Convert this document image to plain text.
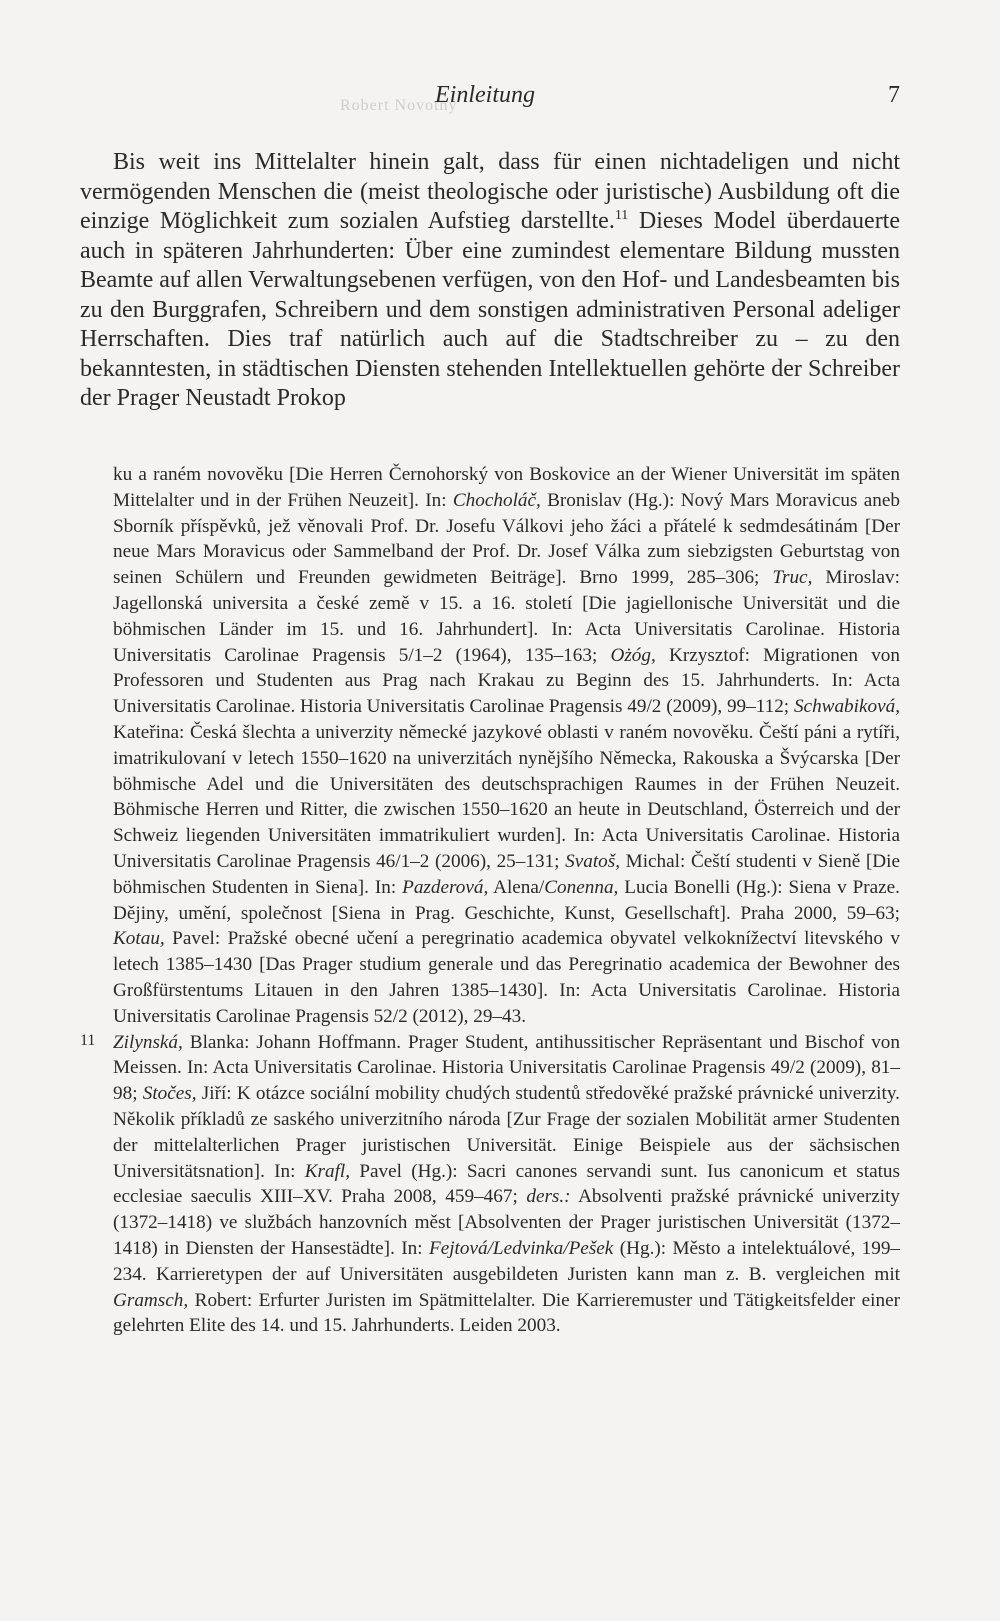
Robert Novotný
Einleitung	7

Bis weit ins Mittelalter hinein galt, dass für einen nichtadeligen und nicht vermögenden Menschen die (meist theologische oder juristische) Ausbildung oft die einzige Möglichkeit zum sozialen Aufstieg darstellte.$^{11}$ Dieses Model überdauerte auch in späteren Jahrhunderten: Über eine zumindest elementare Bildung mussten Beamte auf allen Verwaltungsebenen verfügen, von den Hof- und Landesbeamten bis zu den Burggrafen, Schreibern und dem sonstigen administrativen Personal adeliger Herrschaften. Dies traf natürlich auch auf die Stadtschreiber zu – zu den bekanntesten, in städtischen Diensten stehenden Intellektuellen gehörte der Schreiber der Prager Neustadt Prokop

ku a raném novověku [Die Herren Černohorský von Boskovice an der Wiener Universität im späten Mittelalter und in der Frühen Neuzeit]. In: Chocholáč, Bronislav (Hg.): Nový Mars Moravicus aneb Sborník příspěvků, jež věnovali Prof. Dr. Josefu Válkovi jeho žáci a přátelé k sedmdesátinám [Der neue Mars Moravicus oder Sammelband der Prof. Dr. Josef Válka zum siebzigsten Geburtstag von seinen Schülern und Freunden gewidmeten Beiträge]. Brno 1999, 285–306; Truc, Miroslav: Jagellonská universita a české země v 15. a 16. století [Die jagiellonische Universität und die böhmischen Länder im 15. und 16. Jahrhundert]. In: Acta Universitatis Carolinae. Historia Universitatis Carolinae Pragensis 5/1–2 (1964), 135–163; Ożóg, Krzysztof: Migrationen von Professoren und Studenten aus Prag nach Krakau zu Beginn des 15. Jahrhunderts. In: Acta Universitatis Carolinae. Historia Universitatis Carolinae Pragensis 49/2 (2009), 99–112; Schwabiková, Kateřina: Česká šlechta a univerzity německé jazykové oblasti v raném novověku. Čeští páni a rytíři, imatrikulovaní v letech 1550–1620 na univerzitách nynějšího Německa, Rakouska a Švýcarska [Der böhmische Adel und die Universitäten des deutschsprachigen Raumes in der Frühen Neuzeit. Böhmische Herren und Ritter, die zwischen 1550–1620 an heute in Deutschland, Österreich und der Schweiz liegenden Universitäten immatrikuliert wurden]. In: Acta Universitatis Carolinae. Historia Universitatis Carolinae Pragensis 46/1–2 (2006), 25–131; Svatoš, Michal: Čeští studenti v Sieně [Die böhmischen Studenten in Siena]. In: Pazderová, Alena/Conenna, Lucia Bonelli (Hg.): Siena v Praze. Dějiny, umění, společnost [Siena in Prag. Geschichte, Kunst, Gesellschaft]. Praha 2000, 59–63; Kotau, Pavel: Pražské obecné učení a peregrinatio academica obyvatel velkoknížectví litevského v letech 1385–1430 [Das Prager studium generale und das Peregrinatio academica der Bewohner des Großfürstentums Litauen in den Jahren 1385–1430]. In: Acta Universitatis Carolinae. Historia Universitatis Carolinae Pragensis 52/2 (2012), 29–43.

11 Zilynská, Blanka: Johann Hoffmann. Prager Student, antihussitischer Repräsentant und Bischof von Meissen. In: Acta Universitatis Carolinae. Historia Universitatis Carolinae Pragensis 49/2 (2009), 81–98; Stočes, Jiří: K otázce sociální mobility chudých studentů středověké pražské právnické univerzity. Několik příkladů ze saského univerzitního národa [Zur Frage der sozialen Mobilität armer Studenten der mittelalterlichen Prager juristischen Universität. Einige Beispiele aus der sächsischen Universitätsnation]. In: Krafl, Pavel (Hg.): Sacri canones servandi sunt. Ius canonicum et status ecclesiae saeculis XIII–XV. Praha 2008, 459–467; ders.: Absolventi pražské právnické univerzity (1372–1418) ve službách hanzovních měst [Absolventen der Prager juristischen Universität (1372–1418) in Diensten der Hansestädte]. In: Fejtová/Ledvinka/Pešek (Hg.): Město a intelektuálové, 199–234. Karrieretypen der auf Universitäten ausgebildeten Juristen kann man z. B. vergleichen mit Gramsch, Robert: Erfurter Juristen im Spätmittelalter. Die Karrieremuster und Tätigkeitsfelder einer gelehrten Elite des 14. und 15. Jahrhunderts. Leiden 2003.
